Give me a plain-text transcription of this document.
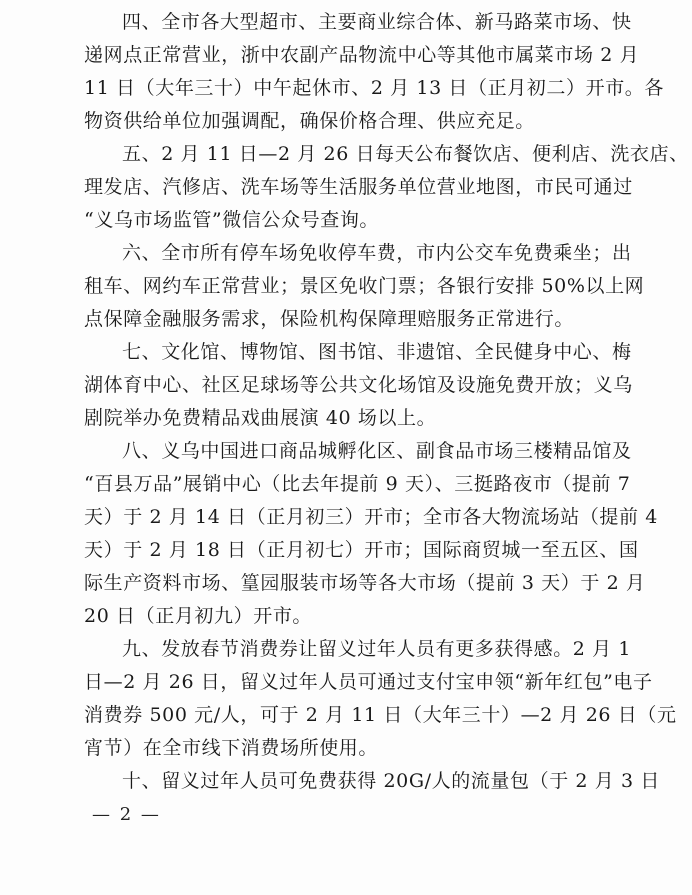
四、全市各大型超市、主要商业综合体、新马路菜市场、快
递网点正常营业，浙中农副产品物流中心等其他市属菜市场 2 月
11 日（大年三十）中午起休市、2 月 13 日（正月初二）开市。各
物资供给单位加强调配，确保价格合理、供应充足。

五、2 月 11 日—2 月 26 日每天公布餐饮店、便利店、洗衣店、
理发店、汽修店、洗车场等生活服务单位营业地图，市民可通过
“义乌市场监管”微信公众号查询。

六、全市所有停车场免收停车费，市内公交车免费乘坐；出
租车、网约车正常营业；景区免收门票；各银行安排 50%以上网
点保障金融服务需求，保险机构保障理赔服务正常进行。

七、文化馆、博物馆、图书馆、非遗馆、全民健身中心、梅
湖体育中心、社区足球场等公共文化场馆及设施免费开放；义乌
剧院举办免费精品戏曲展演 40 场以上。

八、义乌中国进口商品城孵化区、副食品市场三楼精品馆及
“百县万品”展销中心（比去年提前 9 天）、三挺路夜市（提前 7
天）于 2 月 14 日（正月初三）开市；全市各大物流场站（提前 4
天）于 2 月 18 日（正月初七）开市；国际商贸城一至五区、国
际生产资料市场、篁园服装市场等各大市场（提前 3 天）于 2 月
20 日（正月初九）开市。

九、发放春节消费券让留义过年人员有更多获得感。2 月 1
日—2 月 26 日，留义过年人员可通过支付宝申领“新年红包”电子
消费券 500 元/人，可于 2 月 11 日（大年三十）—2 月 26 日（元
宵节）在全市线下消费场所使用。

十、留义过年人员可免费获得 20G/人的流量包（于 2 月 3 日

— 2 —
